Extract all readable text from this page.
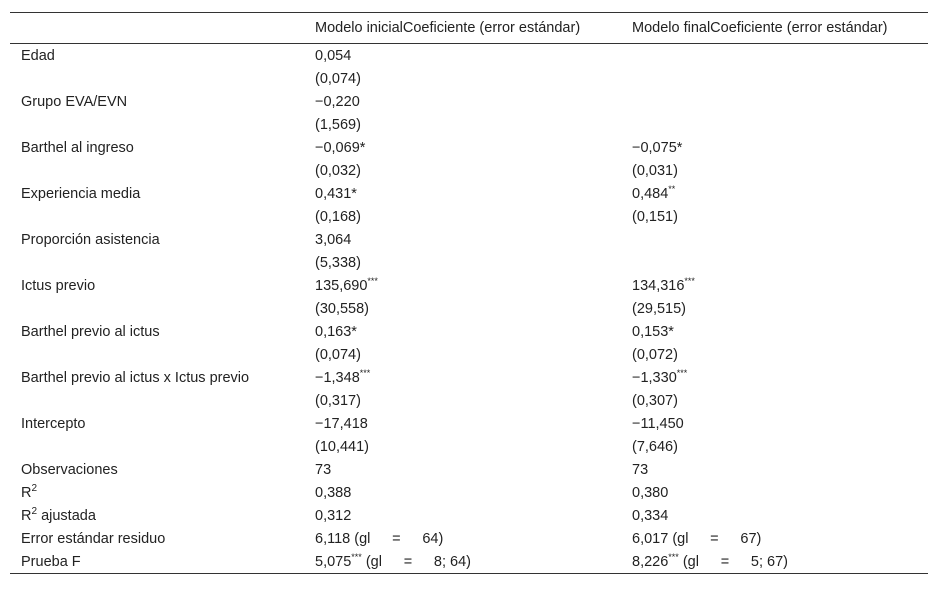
	Modelo inicialCoeficiente (error estándar)	Modelo finalCoeficiente (error estándar)
Edad	0,054	
	(0,074)	
Grupo EVA/EVN	−0,220	
	(1,569)	
Barthel al ingreso	−0,069*	−0,075*
	(0,032)	(0,031)
Experiencia media	0,431*	0,484**
	(0,168)	(0,151)
Proporción asistencia	3,064	
	(5,338)	
Ictus previo	135,690***	134,316***
	(30,558)	(29,515)
Barthel previo al ictus	0,163*	0,153*
	(0,074)	(0,072)
Barthel previo al ictus x Ictus previo	−1,348***	−1,330***
	(0,317)	(0,307)
Intercepto	−17,418	−11,450
	(10,441)	(7,646)
Observaciones	73	73
$R^2$	0,388	0,380
$R^2$ ajustada	0,312	0,334
Error estándar residuo	6,118 (gl  =  64)	6,017 (gl  =  67)
Prueba F	5,075*** (gl  =  8; 64)	8,226*** (gl  =  5; 67)
